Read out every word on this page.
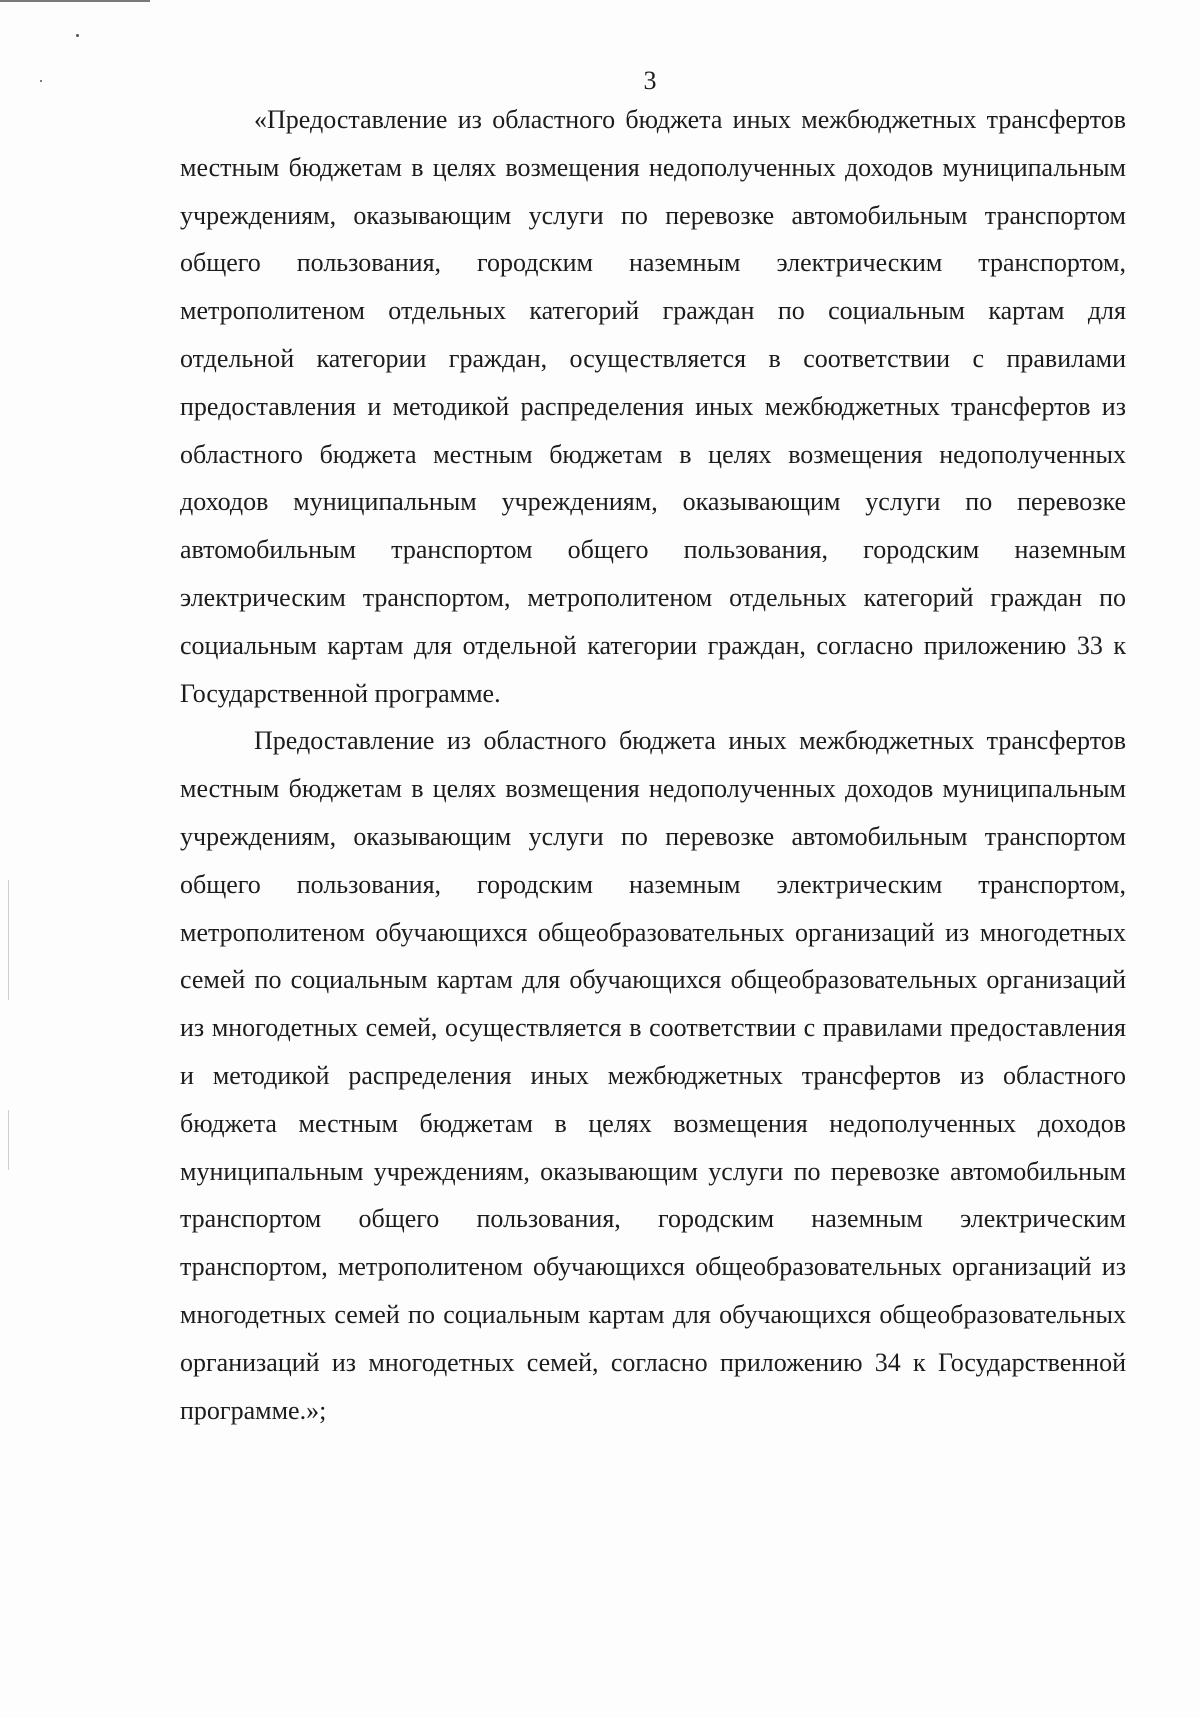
3

«Предоставление из областного бюджета иных межбюджетных трансфертов местным бюджетам в целях возмещения недополученных доходов муниципальным учреждениям, оказывающим услуги по перевозке автомобильным транспортом общего пользования, городским наземным электрическим транспортом, метрополитеном отдельных категорий граждан по социальным картам для отдельной категории граждан, осуществляется в соответствии с правилами предоставления и методикой распределения иных межбюджетных трансфертов из областного бюджета местным бюджетам в целях возмещения недополученных доходов муниципальным учреждениям, оказывающим услуги по перевозке автомобильным транспортом общего пользования, городским наземным электрическим транспортом, метрополитеном отдельных категорий граждан по социальным картам для отдельной категории граждан, согласно приложению 33 к Государственной программе.

Предоставление из областного бюджета иных межбюджетных трансфертов местным бюджетам в целях возмещения недополученных доходов муниципальным учреждениям, оказывающим услуги по перевозке автомобильным транспортом общего пользования, городским наземным электрическим транспортом, метрополитеном обучающихся общеобразовательных организаций из многодетных семей по социальным картам для обучающихся общеобразовательных организаций из многодетных семей, осуществляется в соответствии с правилами предоставления и методикой распределения иных межбюджетных трансфертов из областного бюджета местным бюджетам в целях возмещения недополученных доходов муниципальным учреждениям, оказывающим услуги по перевозке автомобильным транспортом общего пользования, городским наземным электрическим транспортом, метрополитеном обучающихся общеобразовательных организаций из многодетных семей по социальным картам для обучающихся общеобразовательных организаций из многодетных семей, согласно приложению 34 к Государственной программе.»;
